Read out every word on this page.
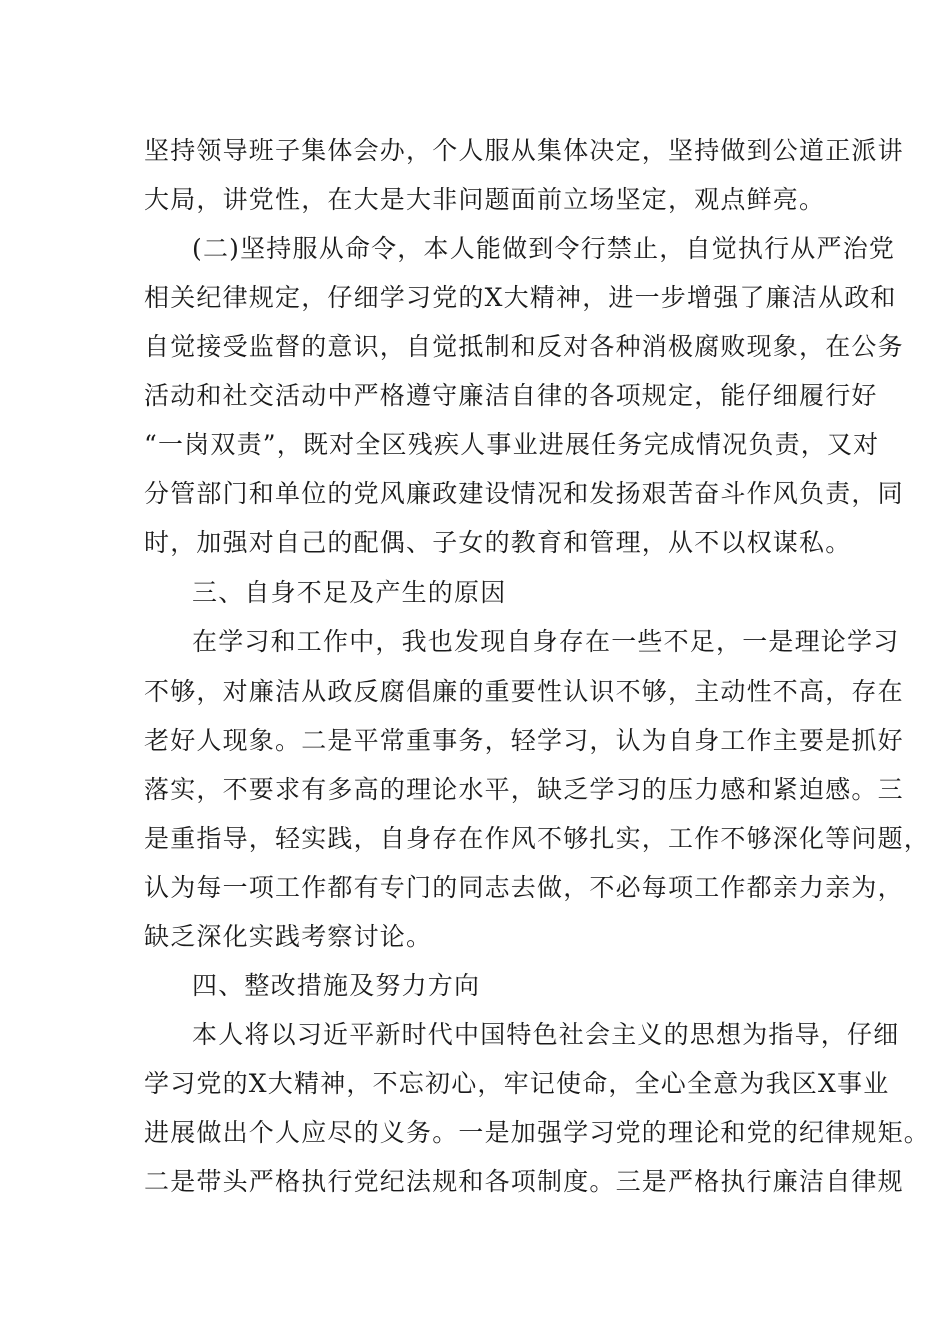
坚持领导班子集体会办，个人服从集体决定，坚持做到公道正派讲
大局，讲党性，在大是大非问题面前立场坚定，观点鲜亮。
(二)坚持服从命令，本人能做到令行禁止，自觉执行从严治党
相关纪律规定，仔细学习党的X大精神，进一步增强了廉洁从政和
自觉接受监督的意识，自觉抵制和反对各种消极腐败现象，在公务
活动和社交活动中严格遵守廉洁自律的各项规定，能仔细履行好
“一岗双责”，既对全区残疾人事业进展任务完成情况负责，又对
分管部门和单位的党风廉政建设情况和发扬艰苦奋斗作风负责，同
时，加强对自己的配偶、子女的教育和管理，从不以权谋私。
三、自身不足及产生的原因
在学习和工作中，我也发现自身存在一些不足，一是理论学习
不够，对廉洁从政反腐倡廉的重要性认识不够，主动性不高，存在
老好人现象。二是平常重事务，轻学习，认为自身工作主要是抓好
落实，不要求有多高的理论水平，缺乏学习的压力感和紧迫感。三
是重指导，轻实践，自身存在作风不够扎实，工作不够深化等问题，
认为每一项工作都有专门的同志去做，不必每项工作都亲力亲为，
缺乏深化实践考察讨论。
四、整改措施及努力方向
本人将以习近平新时代中国特色社会主义的思想为指导，仔细
学习党的X大精神，不忘初心，牢记使命，全心全意为我区X事业
进展做出个人应尽的义务。一是加强学习党的理论和党的纪律规矩。
二是带头严格执行党纪法规和各项制度。三是严格执行廉洁自律规
